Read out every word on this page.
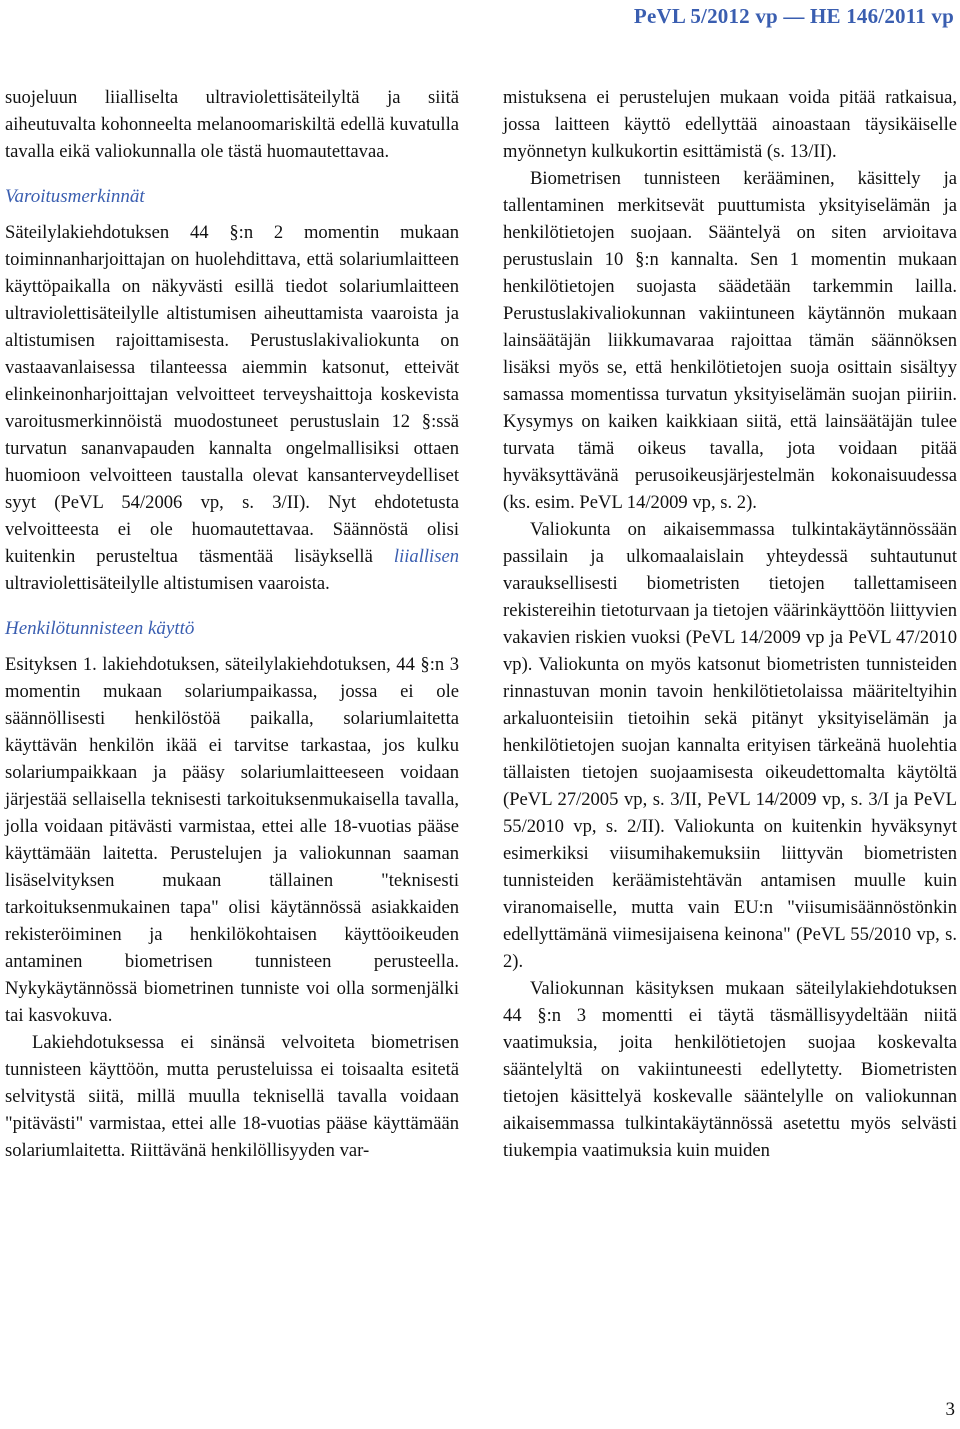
PeVL 5/2012 vp — HE 146/2011 vp

suojeluun liialliselta ultraviolettisäteilyltä ja siitä aiheutuvalta kohonneelta melanoomariskiltä edellä kuvatulla tavalla eikä valiokunnalla ole tästä huomautettavaa.

Varoitusmerkinnät

Säteilylakiehdotuksen 44 §:n 2 momentin mukaan toiminnanharjoittajan on huolehdittava, että solariumlaitteen käyttöpaikalla on näkyvästi esillä tiedot solariumlaitteen ultraviolettisäteilylle altistumisen aiheuttamista vaaroista ja altistumisen rajoittamisesta. Perustuslakivaliokunta on vastaavanlaisessa tilanteessa aiemmin katsonut, etteivät elinkeinonharjoittajan velvoitteet terveyshaittoja koskevista varoitusmerkinnöistä muodostuneet perustuslain 12 §:ssä turvatun sananvapauden kannalta ongelmallisiksi ottaen huomioon velvoitteen taustalla olevat kansanterveydelliset syyt (PeVL 54/2006 vp, s. 3/II). Nyt ehdotetusta velvoitteesta ei ole huomautettavaa. Säännöstä olisi kuitenkin perusteltua täsmentää lisäyksellä liiallisen ultraviolettisäteilylle altistumisen vaaroista.

Henkilötunnisteen käyttö

Esityksen 1. lakiehdotuksen, säteilylakiehdotuksen, 44 §:n 3 momentin mukaan solariumpaikassa, jossa ei ole säännöllisesti henkilöstöä paikalla, solariumlaitetta käyttävän henkilön ikää ei tarvitse tarkastaa, jos kulku solariumpaikkaan ja pääsy solariumlaitteeseen voidaan järjestää sellaisella teknisesti tarkoituksenmukaisella tavalla, jolla voidaan pitävästi varmistaa, ettei alle 18-vuotias pääse käyttämään laitetta. Perustelujen ja valiokunnan saaman lisäselvityksen mukaan tällainen "teknisesti tarkoituksenmukainen tapa" olisi käytännössä asiakkaiden rekisteröiminen ja henkilökohtaisen käyttöoikeuden antaminen biometrisen tunnisteen perusteella. Nykykäytännössä biometrinen tunniste voi olla sormenjälki tai kasvokuva.

Lakiehdotuksessa ei sinänsä velvoiteta biometrisen tunnisteen käyttöön, mutta perusteluissa ei toisaalta esitetä selvitystä siitä, millä muulla teknisellä tavalla voidaan "pitävästi" varmistaa, ettei alle 18-vuotias pääse käyttämään solariumlaitetta. Riittävänä henkilöllisyyden var-

mistuksena ei perustelujen mukaan voida pitää ratkaisua, jossa laitteen käyttö edellyttää ainoastaan täysikäiselle myönnetyn kulkukortin esittämistä (s. 13/II).

Biometrisen tunnisteen kerääminen, käsittely ja tallentaminen merkitsevät puuttumista yksityiselämän ja henkilötietojen suojaan. Sääntelyä on siten arvioitava perustuslain 10 §:n kannalta. Sen 1 momentin mukaan henkilötietojen suojasta säädetään tarkemmin lailla. Perustuslakivaliokunnan vakiintuneen käytännön mukaan lainsäätäjän liikkumavaraa rajoittaa tämän säännöksen lisäksi myös se, että henkilötietojen suoja osittain sisältyy samassa momentissa turvatun yksityiselämän suojan piiriin. Kysymys on kaiken kaikkiaan siitä, että lainsäätäjän tulee turvata tämä oikeus tavalla, jota voidaan pitää hyväksyttävänä perusoikeusjärjestelmän kokonaisuudessa (ks. esim. PeVL 14/2009 vp, s. 2).

Valiokunta on aikaisemmassa tulkintakäytännössään passilain ja ulkomaalaislain yhteydessä suhtautunut varauksellisesti biometristen tietojen tallettamiseen rekistereihin tietoturvaan ja tietojen väärinkäyttöön liittyvien vakavien riskien vuoksi (PeVL 14/2009 vp ja PeVL 47/2010 vp). Valiokunta on myös katsonut biometristen tunnisteiden rinnastuvan monin tavoin henkilötietolaissa määriteltyihin arkaluonteisiin tietoihin sekä pitänyt yksityiselämän ja henkilötietojen suojan kannalta erityisen tärkeänä huolehtia tällaisten tietojen suojaamisesta oikeudettomalta käytöltä (PeVL 27/2005 vp, s. 3/II, PeVL 14/2009 vp, s. 3/I ja PeVL 55/2010 vp, s. 2/II). Valiokunta on kuitenkin hyväksynyt esimerkiksi viisumihakemuksiin liittyvän biometristen tunnisteiden keräämistehtävän antamisen muulle kuin viranomaiselle, mutta vain EU:n "viisumisäännöstönkin edellyttämänä viimesijaisena keinona" (PeVL 55/2010 vp, s. 2).

Valiokunnan käsityksen mukaan säteilylakiehdotuksen 44 §:n 3 momentti ei täytä täsmällisyydeltään niitä vaatimuksia, joita henkilötietojen suojaa koskevalta sääntelyltä on vakiintuneesti edellytetty. Biometristen tietojen käsittelyä koskevalle sääntelylle on valiokunnan aikaisemmassa tulkintakäytännössä asetettu myös selvästi tiukempia vaatimuksia kuin muiden

3
